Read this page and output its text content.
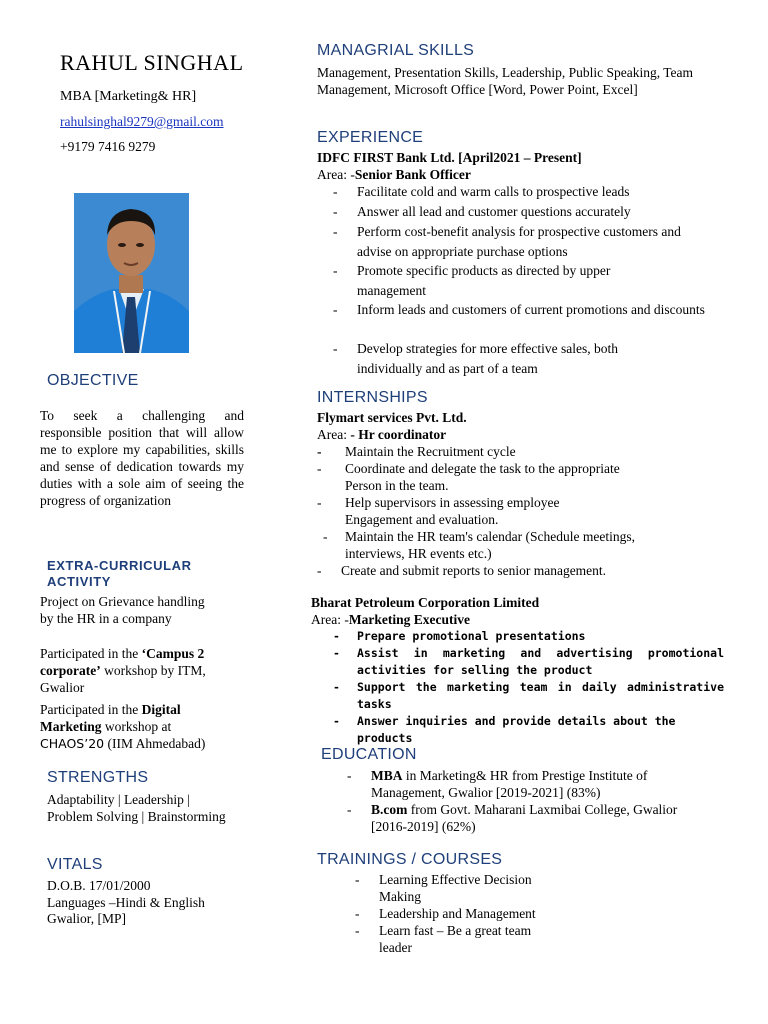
RAHUL SINGHAL
MBA [Marketing& HR]
rahulsinghal9279@gmail.com
+9179 7416 9279
OBJECTIVE
To seek a challenging and responsible position that will allow me to explore my capabilities, skills and sense of dedication towards my duties with a sole aim of seeing the progress of organization
EXTRA-CURRICULAR ACTIVITY
Project on Grievance handling by the HR in a company
Participated in the ‘Campus 2 corporate’ workshop by ITM, Gwalior
Participated in the Digital Marketing workshop at
CHAOS’20 (IIM Ahmedabad)
STRENGTHS
Adaptability | Leadership | Problem Solving | Brainstorming
VITALS
D.O.B. 17/01/2000
Languages –Hindi & English
Gwalior, [MP]
MANAGRIAL SKILLS
Management, Presentation Skills, Leadership, Public Speaking, Team Management, Microsoft Office [Word, Power Point, Excel]
EXPERIENCE
IDFC FIRST Bank Ltd. [April2021 – Present]
Area: -Senior Bank Officer
- Facilitate cold and warm calls to prospective leads
- Answer all lead and customer questions accurately
- Perform cost-benefit analysis for prospective customers and advise on appropriate purchase options
- Promote specific products as directed by upper management
- Inform leads and customers of current promotions and discounts
- Develop strategies for more effective sales, both individually and as part of a team
INTERNSHIPS
Flymart services Pvt. Ltd.
Area: - Hr coordinator
- Maintain the Recruitment cycle
- Coordinate and delegate the task to the appropriate Person in the team.
- Help supervisors in assessing employee Engagement and evaluation.
- Maintain the HR team's calendar (Schedule meetings, interviews, HR events etc.)
- Create and submit reports to senior management.
Bharat Petroleum Corporation Limited
Area: -Marketing Executive
- Prepare promotional presentations
- Assist in marketing and advertising promotional activities for selling the product
- Support the marketing team in daily administrative tasks
- Answer inquiries and provide details about the products
EDUCATION
- MBA in Marketing& HR from Prestige Institute of Management, Gwalior [2019-2021] (83%)
- B.com from Govt. Maharani Laxmibai College, Gwalior [2016-2019] (62%)
TRAININGS / COURSES
- Learning Effective Decision Making
- Leadership and Management
- Learn fast – Be a great team leader
